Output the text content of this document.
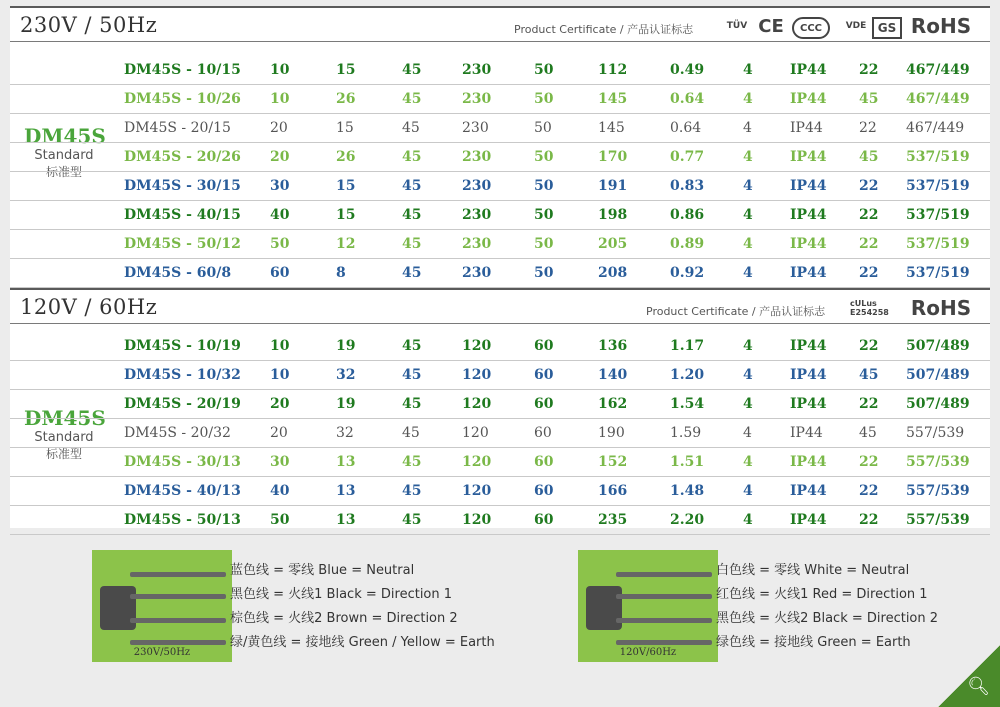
230V / 50Hz	Product Certificate / 产品认证标志	TÜV CE	CCC	VDE GS RoHS
DM45S
Standard
标准型
DM45S - 10/15 10	15	45	230	50	112	0.49	4	IP44 22 467/449
DM45S - 10/26 10	26	45	230	50	145	0.64	4	IP44 45 467/449
DM45S - 20/15	20	15	45	230	50	145	0.64	4	IP44	22 467/449
DM45S - 20/26 20	26	45	230	50	170	0.77	4	IP44 45 537/519
DM45S - 30/15 30	15	45	230	50	191	0.83	4	IP44 22 537/519
DM45S - 40/15 40	15	45	230	50	198	0.86	4	IP44 22 537/519
DM45S - 50/12 50	12	45	230	50	205	0.89	4	IP44 22 537/519
DM45S - 60/8	60	8	45	230	50	208	0.92	4	IP44 22 537/519
120V / 60Hz	Product Certificate / 产品认证标志
cULus E254258	RoHS
DM45S
Standard
标准型
DM45S - 10/19 10	19	45	120	60	136	1.17	4	IP44 22 507/489
DM45S - 10/32 10	32	45	120	60	140	1.20	4	IP44 45 507/489
DM45S - 20/19 20	19	45	120	60	162	1.54	4	IP44 22 507/489
DM45S - 20/32	20	32	45	120	60	190	1.59	4	IP44	45 557/539
DM45S - 30/13 30	13	45	120	60	152	1.51	4	IP44 22 557/539
DM45S - 40/13 40	13	45	120	60	166	1.48	4	IP44 22 557/539
DM45S - 50/13 50	13	45	120	60	235	2.20	4	IP44 22 557/539
230V/50Hz
蓝色线 = 零线 Blue = Neutral
黑色线 = 火线1 Black = Direction 1
棕色线 = 火线2 Brown = Direction 2
绿/黄色线 = 接地线 Green / Yellow = Earth
120V/60Hz
白色线 = 零线 White = Neutral
红色线 = 火线1 Red = Direction 1
黑色线 = 火线2 Black = Direction 2
绿色线 = 接地线 Green = Earth
🔍︎
